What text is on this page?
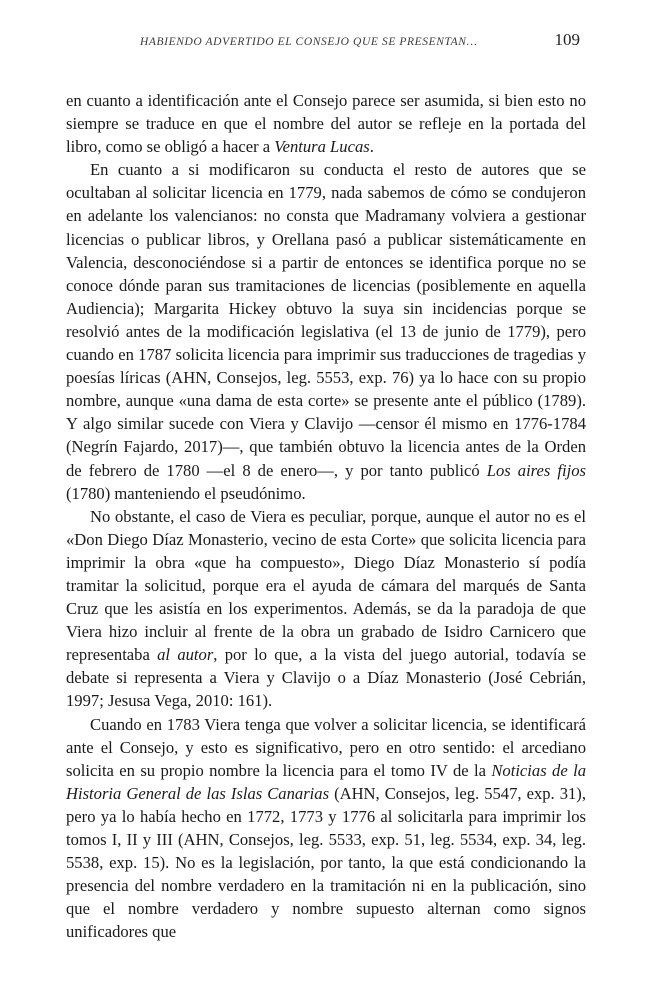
HABIENDO ADVERTIDO EL CONSEJO QUE SE PRESENTAN…	109

en cuanto a identificación ante el Consejo parece ser asumida, si bien esto no siempre se traduce en que el nombre del autor se refleje en la portada del libro, como se obligó a hacer a Ventura Lucas.

En cuanto a si modificaron su conducta el resto de autores que se ocultaban al solicitar licencia en 1779, nada sabemos de cómo se condujeron en adelante los valencianos: no consta que Madramany volviera a gestionar licencias o publicar libros, y Orellana pasó a publicar sistemáticamente en Valencia, desconociéndose si a partir de entonces se identifica porque no se conoce dónde paran sus tramitaciones de licencias (posiblemente en aquella Audiencia); Margarita Hickey obtuvo la suya sin incidencias porque se resolvió antes de la modificación legislativa (el 13 de junio de 1779), pero cuando en 1787 solicita licencia para imprimir sus traducciones de tragedias y poesías líricas (AHN, Consejos, leg. 5553, exp. 76) ya lo hace con su propio nombre, aunque «una dama de esta corte» se presente ante el público (1789). Y algo similar sucede con Viera y Clavijo —censor él mismo en 1776-1784 (Negrín Fajardo, 2017)—, que también obtuvo la licencia antes de la Orden de febrero de 1780 —el 8 de enero—, y por tanto publicó Los aires fijos (1780) manteniendo el pseudónimo.

No obstante, el caso de Viera es peculiar, porque, aunque el autor no es el «Don Diego Díaz Monasterio, vecino de esta Corte» que solicita licencia para imprimir la obra «que ha compuesto», Diego Díaz Monasterio sí podía tramitar la solicitud, porque era el ayuda de cámara del marqués de Santa Cruz que les asistía en los experimentos. Además, se da la paradoja de que Viera hizo incluir al frente de la obra un grabado de Isidro Carnicero que representaba al autor, por lo que, a la vista del juego autorial, todavía se debate si representa a Viera y Clavijo o a Díaz Monasterio (José Cebrián, 1997; Jesusa Vega, 2010: 161).

Cuando en 1783 Viera tenga que volver a solicitar licencia, se identificará ante el Consejo, y esto es significativo, pero en otro sentido: el arcediano solicita en su propio nombre la licencia para el tomo IV de la Noticias de la Historia General de las Islas Canarias (AHN, Consejos, leg. 5547, exp. 31), pero ya lo había hecho en 1772, 1773 y 1776 al solicitarla para imprimir los tomos I, II y III (AHN, Consejos, leg. 5533, exp. 51, leg. 5534, exp. 34, leg. 5538, exp. 15). No es la legislación, por tanto, la que está condicionando la presencia del nombre verdadero en la tramitación ni en la publicación, sino que el nombre verdadero y nombre supuesto alternan como signos unificadores que
